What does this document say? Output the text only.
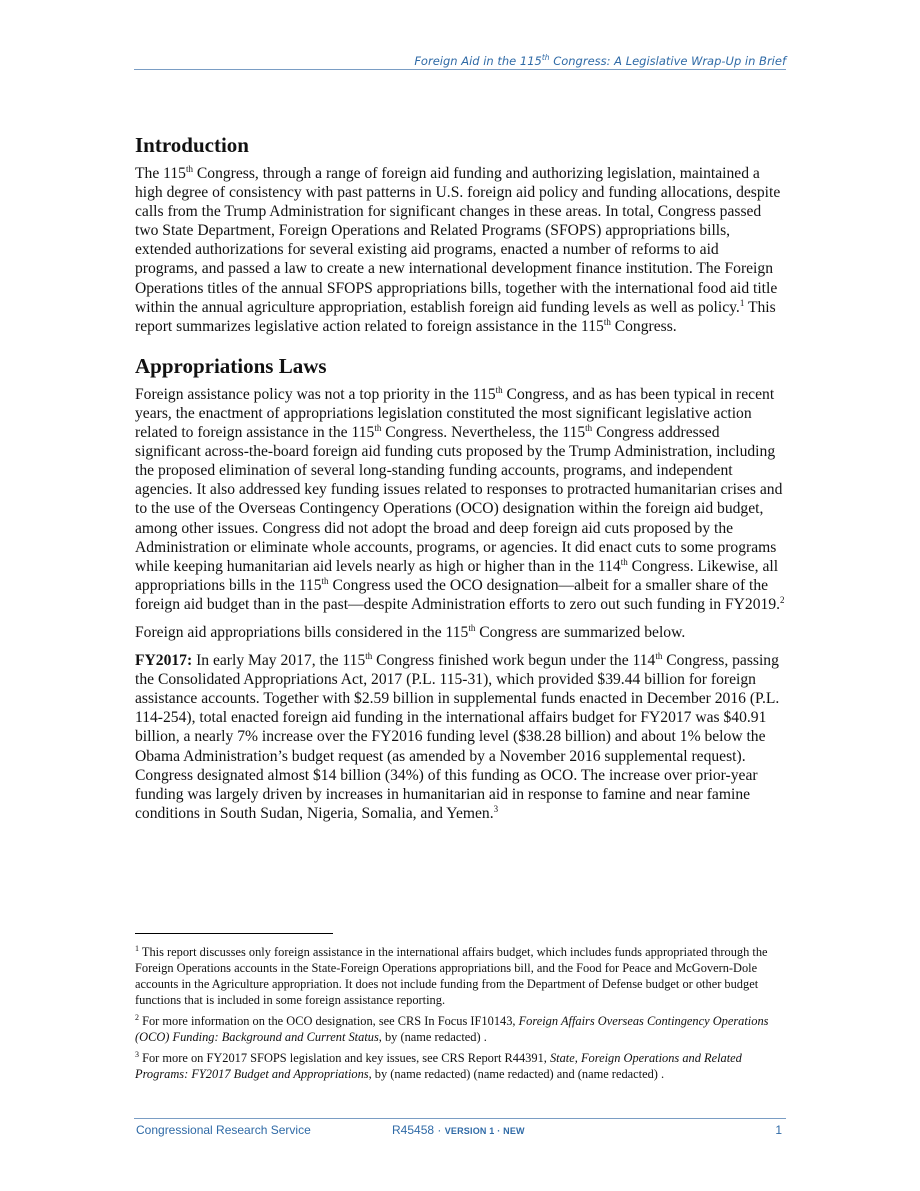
Foreign Aid in the 115th Congress: A Legislative Wrap-Up in Brief
Introduction

The 115th Congress, through a range of foreign aid funding and authorizing legislation, maintained a high degree of consistency with past patterns in U.S. foreign aid policy and funding allocations, despite calls from the Trump Administration for significant changes in these areas. In total, Congress passed two State Department, Foreign Operations and Related Programs (SFOPS) appropriations bills, extended authorizations for several existing aid programs, enacted a number of reforms to aid programs, and passed a law to create a new international development finance institution. The Foreign Operations titles of the annual SFOPS appropriations bills, together with the international food aid title within the annual agriculture appropriation, establish foreign aid funding levels as well as policy.$^1$ This report summarizes legislative action related to foreign assistance in the 115th Congress.

Appropriations Laws

Foreign assistance policy was not a top priority in the 115th Congress, and as has been typical in recent years, the enactment of appropriations legislation constituted the most significant legislative action related to foreign assistance in the 115th Congress. Nevertheless, the 115th Congress addressed significant across-the-board foreign aid funding cuts proposed by the Trump Administration, including the proposed elimination of several long-standing funding accounts, programs, and independent agencies. It also addressed key funding issues related to responses to protracted humanitarian crises and to the use of the Overseas Contingency Operations (OCO) designation within the foreign aid budget, among other issues. Congress did not adopt the broad and deep foreign aid cuts proposed by the Administration or eliminate whole accounts, programs, or agencies. It did enact cuts to some programs while keeping humanitarian aid levels nearly as high or higher than in the 114th Congress. Likewise, all appropriations bills in the 115th Congress used the OCO designation—albeit for a smaller share of the foreign aid budget than in the past—despite Administration efforts to zero out such funding in FY2019.$^2$

Foreign aid appropriations bills considered in the 115th Congress are summarized below.

FY2017: In early May 2017, the 115th Congress finished work begun under the 114th Congress, passing the Consolidated Appropriations Act, 2017 (P.L. 115-31), which provided $39.44 billion for foreign assistance accounts. Together with $2.59 billion in supplemental funds enacted in December 2016 (P.L. 114-254), total enacted foreign aid funding in the international affairs budget for FY2017 was $40.91 billion, a nearly 7% increase over the FY2016 funding level ($38.28 billion) and about 1% below the Obama Administration’s budget request (as amended by a November 2016 supplemental request). Congress designated almost $14 billion (34%) of this funding as OCO. The increase over prior-year funding was largely driven by increases in humanitarian aid in response to famine and near famine conditions in South Sudan, Nigeria, Somalia, and Yemen.$^3$

$^1$ This report discusses only foreign assistance in the international affairs budget, which includes funds appropriated through the Foreign Operations accounts in the State-Foreign Operations appropriations bill, and the Food for Peace and McGovern-Dole accounts in the Agriculture appropriation. It does not include funding from the Department of Defense budget or other budget functions that is included in some foreign assistance reporting.
$^2$ For more information on the OCO designation, see CRS In Focus IF10143, Foreign Affairs Overseas Contingency Operations (OCO) Funding: Background and Current Status, by (name redacted) .
$^3$ For more on FY2017 SFOPS legislation and key issues, see CRS Report R44391, State, Foreign Operations and Related Programs: FY2017 Budget and Appropriations, by (name redacted) (name redacted) and (name redacted) .
Congressional Research Service	R45458 · VERSION 1 · NEW	1
